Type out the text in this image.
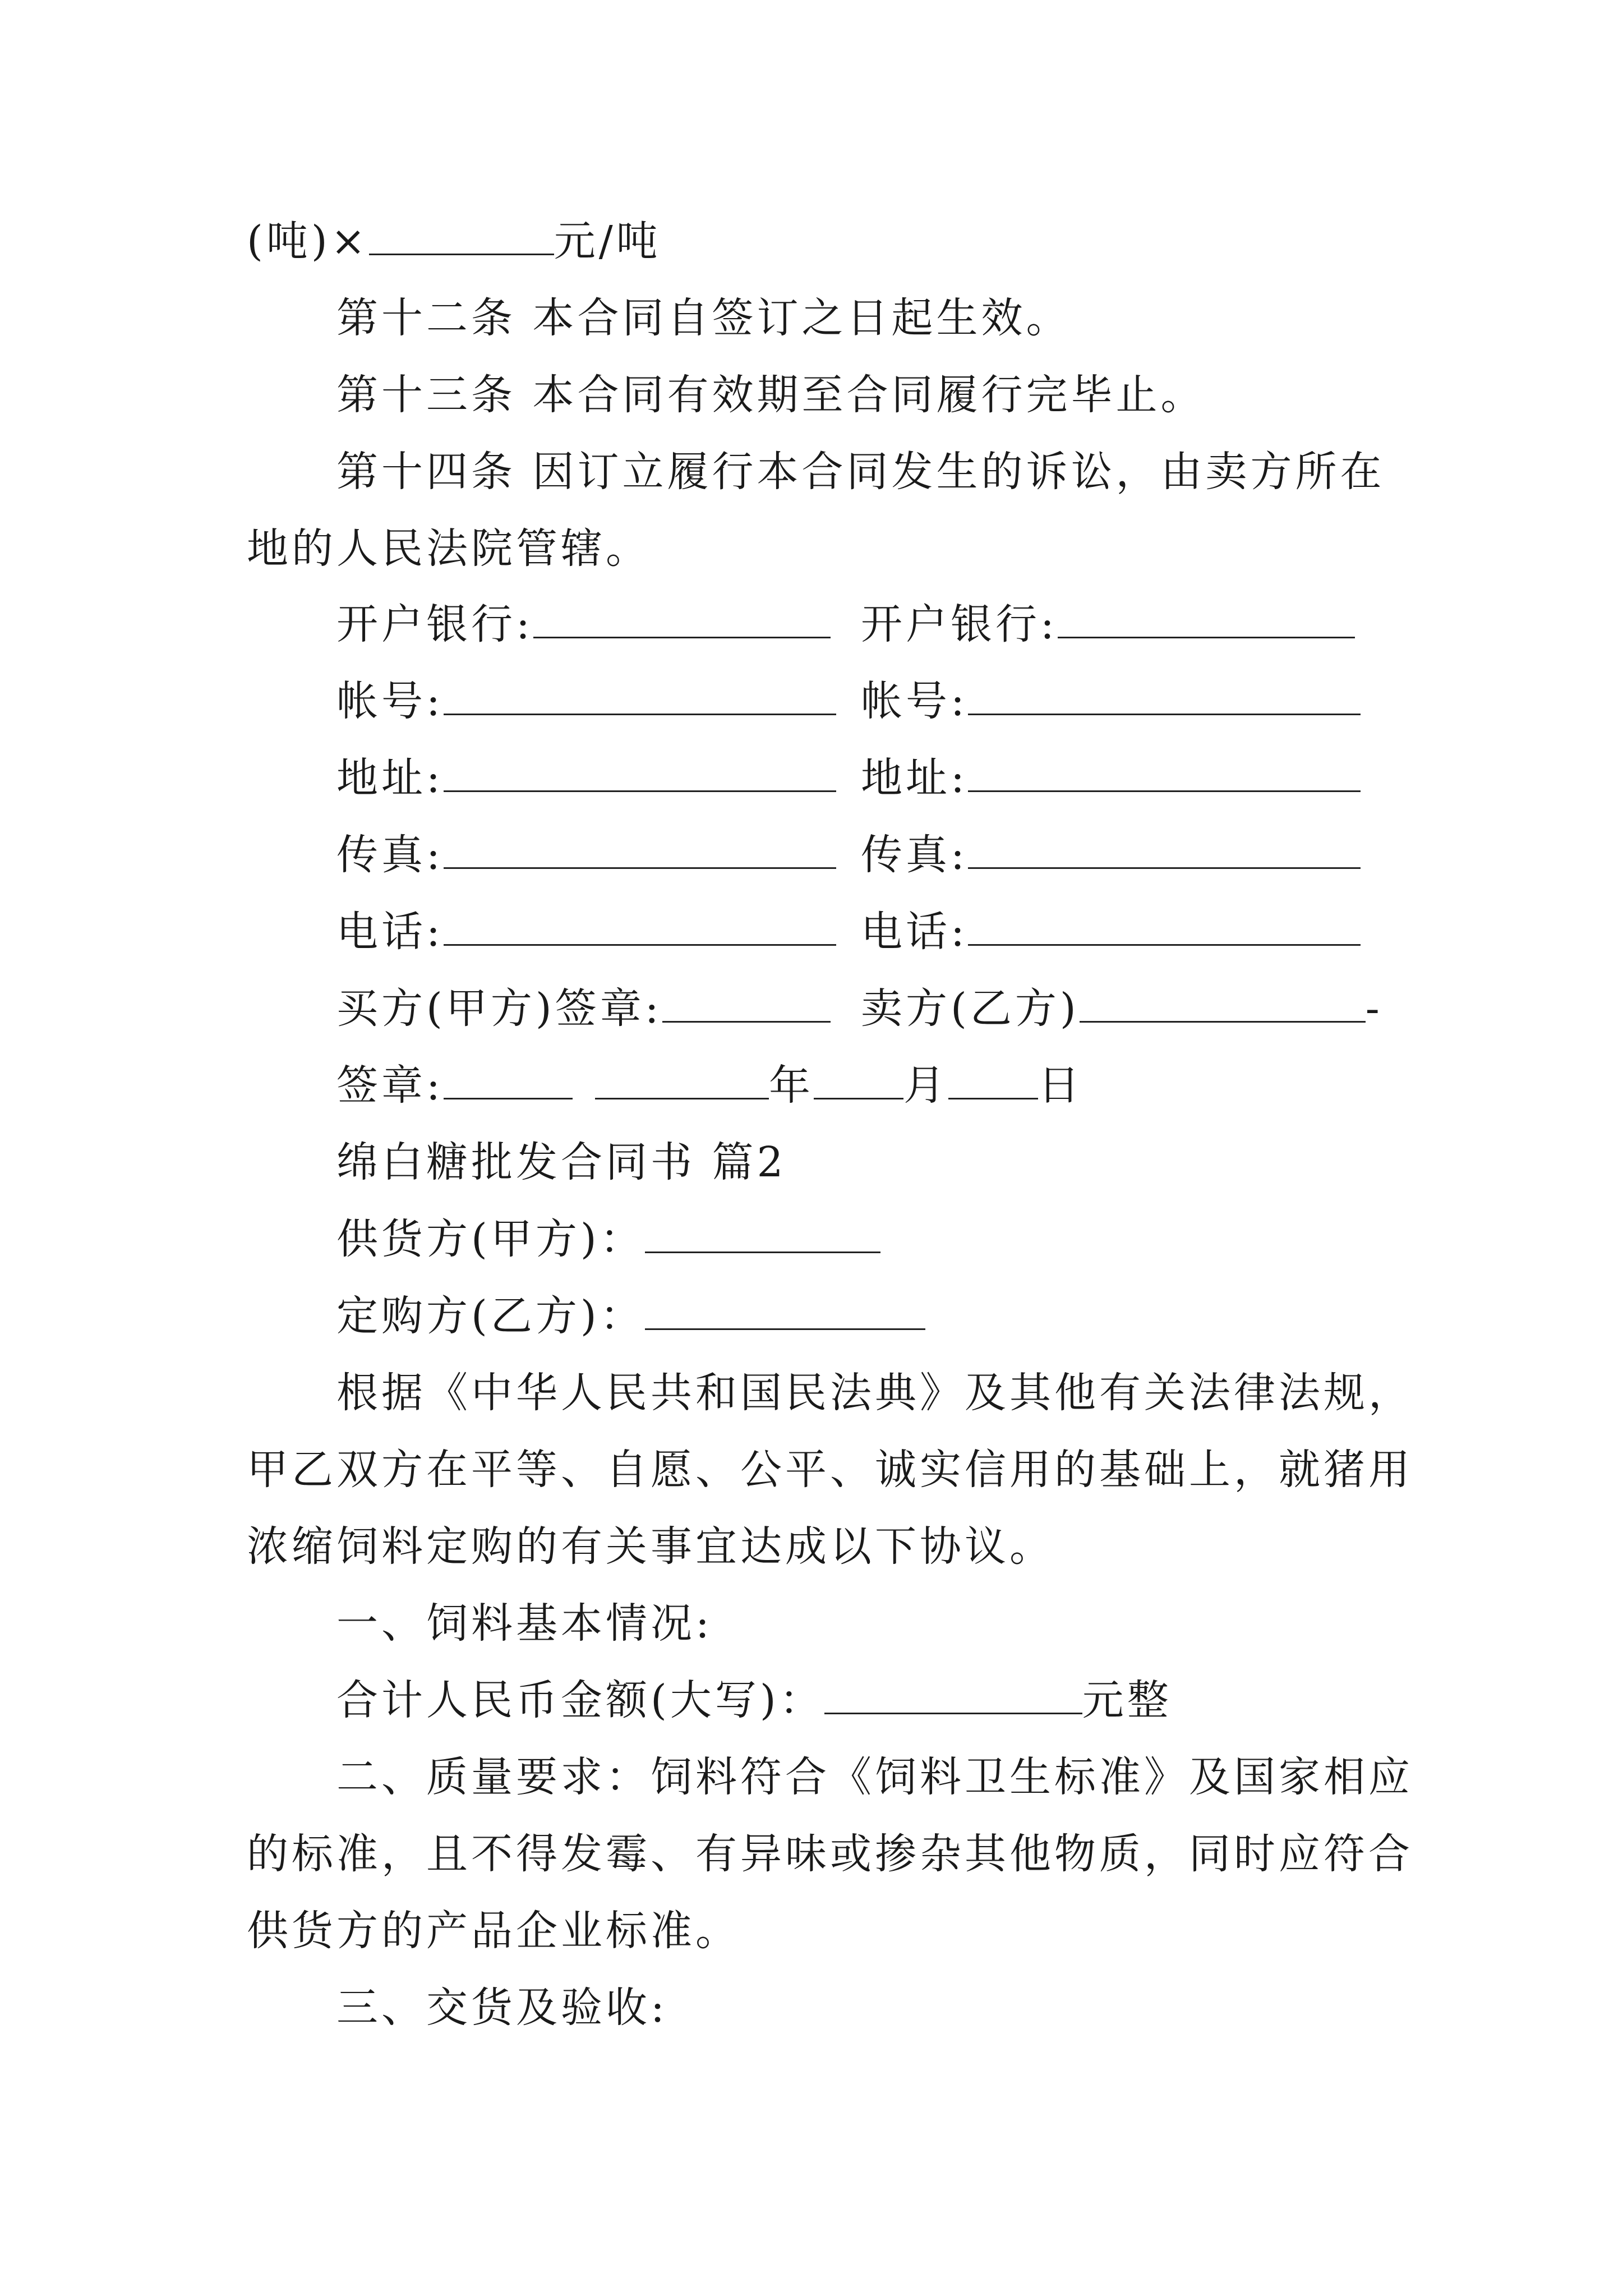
(吨)×	元/吨
第十二条 本合同自签订之日起生效。
第十三条 本合同有效期至合同履行完毕止。
第十四条 因订立履行本合同发生的诉讼，由卖方所在
地的人民法院管辖。
开户银行:	开户银行:
帐号:	帐号:
地址:	地址:
传真:	传真:
电话:	电话:
买方(甲方)签章:	卖方(乙方)	-
签章:	年 月 日
绵白糖批发合同书 篇2
供货方(甲方)：
定购方(乙方)：
根据《中华人民共和国民法典》及其他有关法律法规，
甲乙双方在平等、自愿、公平、诚实信用的基础上，就猪用
浓缩饲料定购的有关事宜达成以下协议。
一、饲料基本情况:
合计人民币金额(大写)：	元整
二、质量要求：饲料符合《饲料卫生标准》及国家相应
的标准，且不得发霉、有异味或掺杂其他物质，同时应符合
供货方的产品企业标准。
三、交货及验收:
